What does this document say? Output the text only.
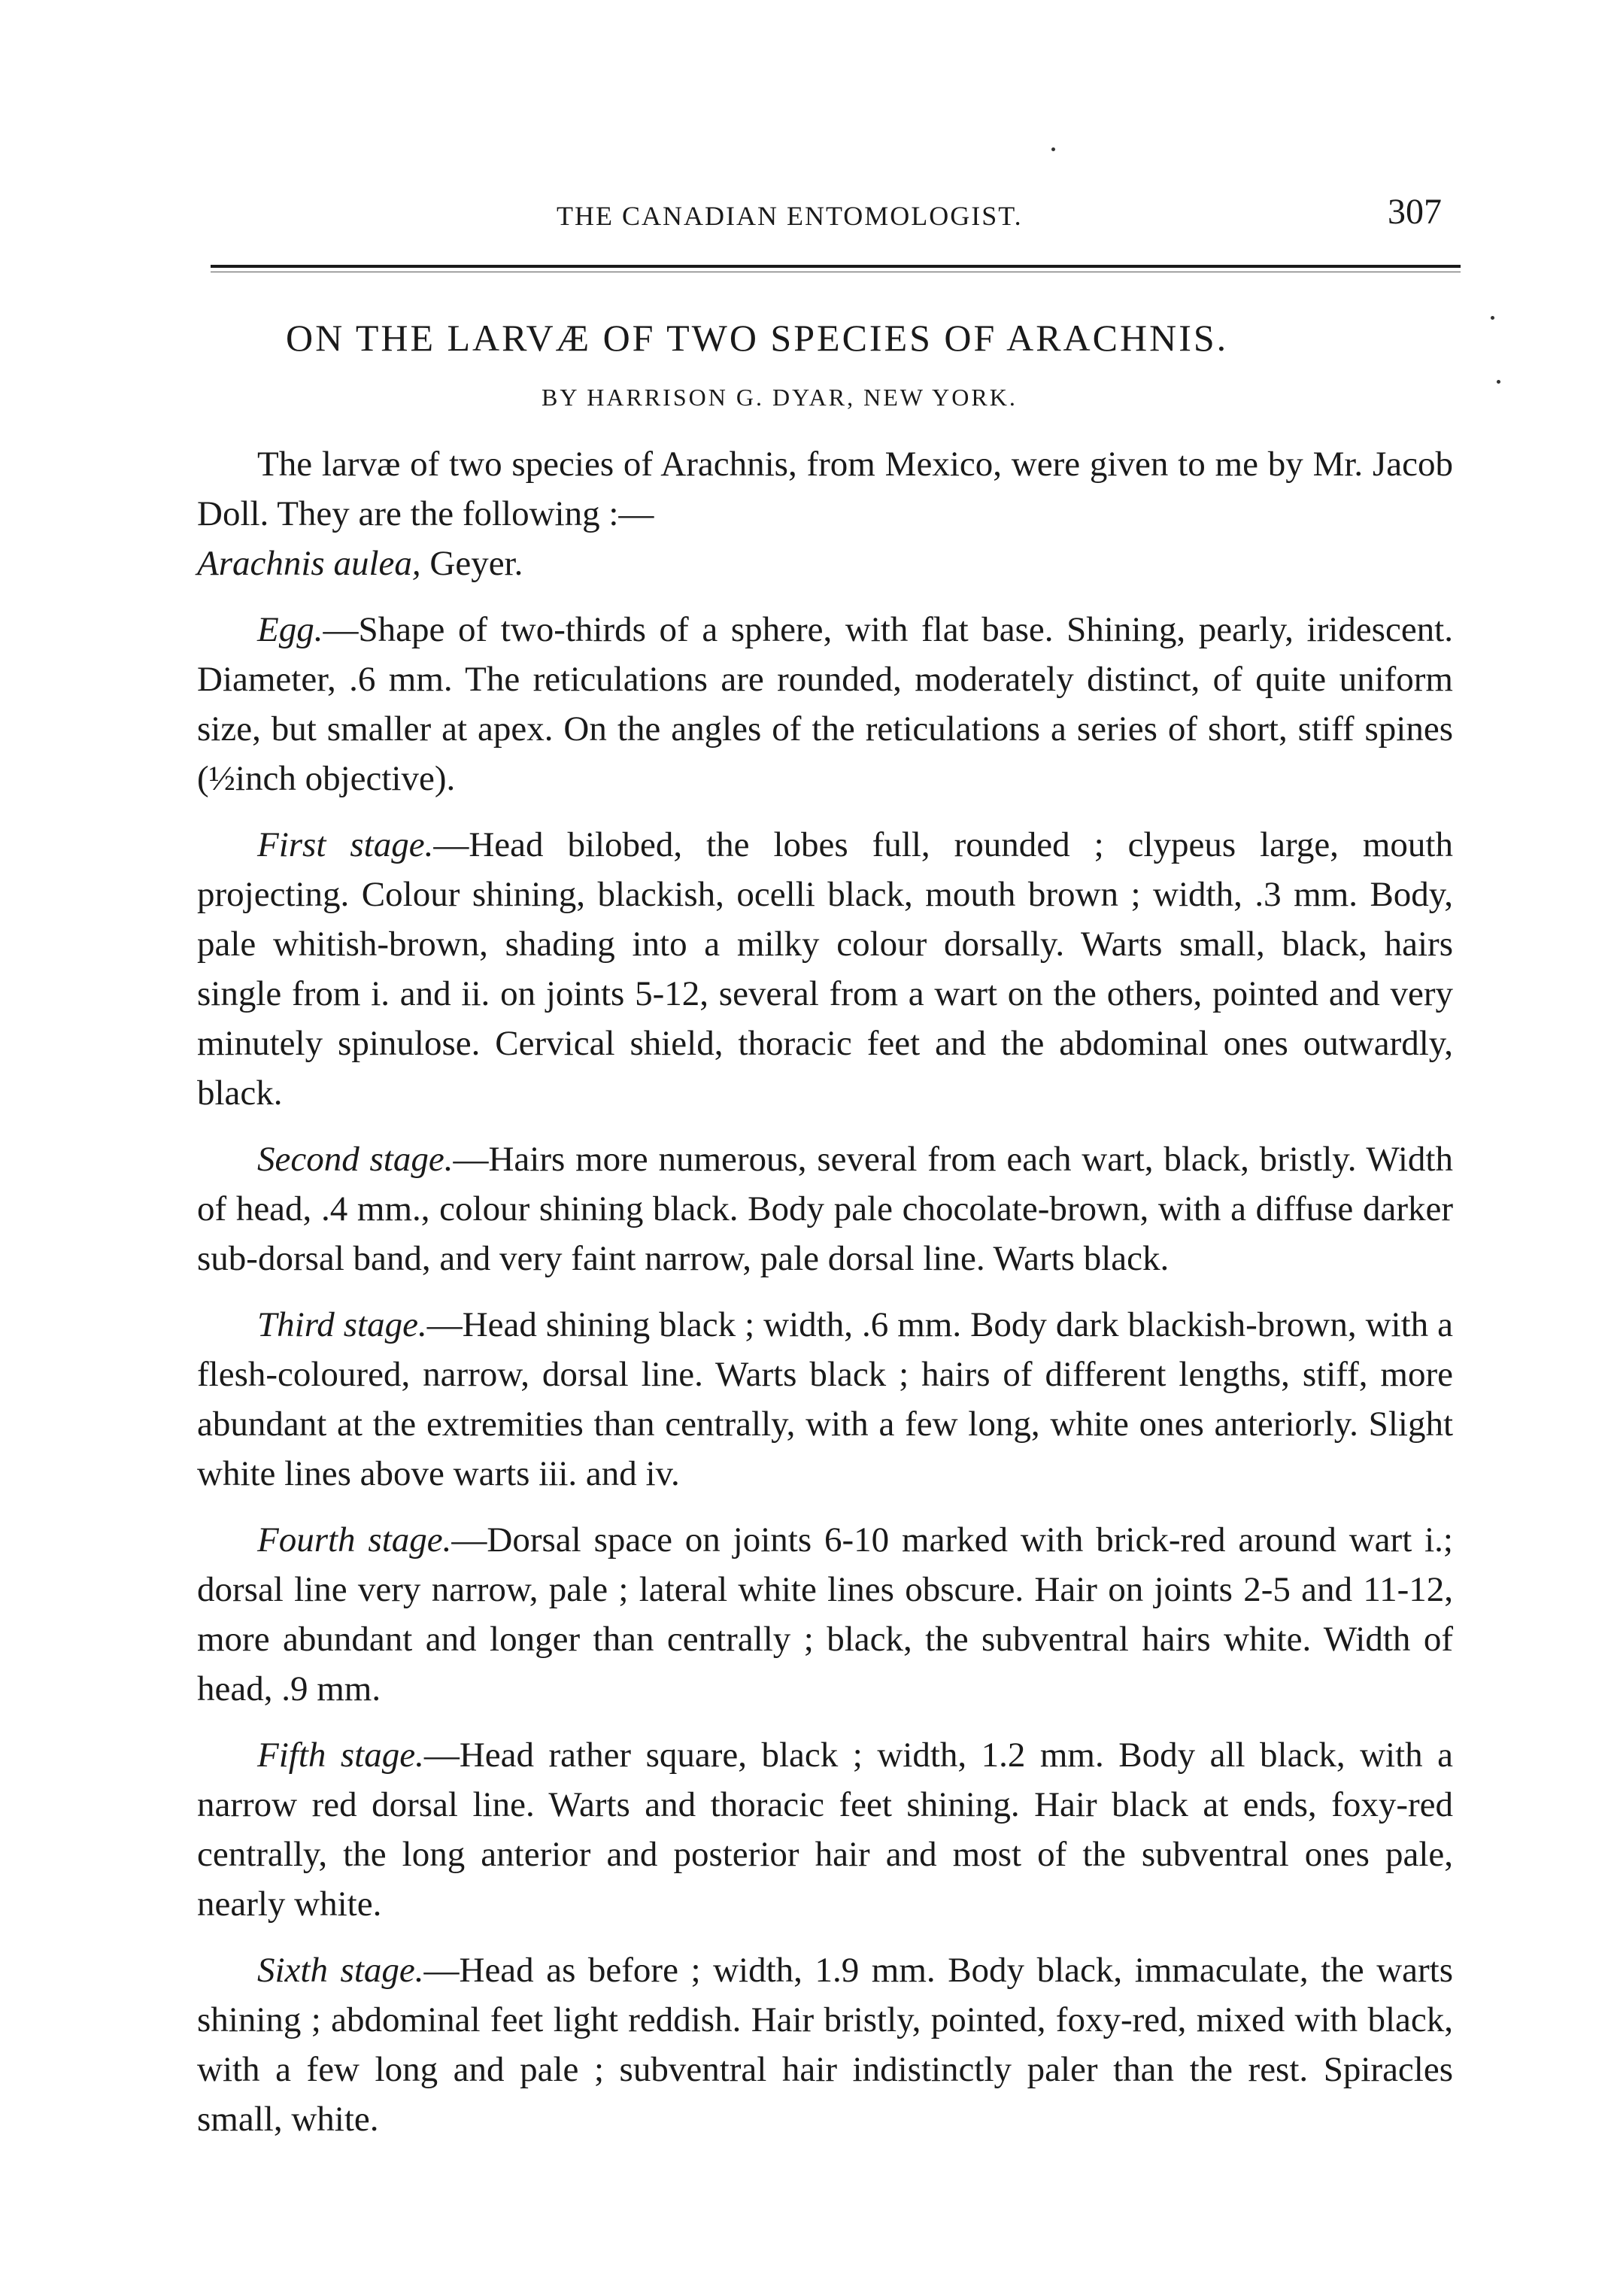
THE CANADIAN ENTOMOLOGIST.	307
ON THE LARVÆ OF TWO SPECIES OF ARACHNIS.
BY HARRISON G. DYAR, NEW YORK.

The larvæ of two species of Arachnis, from Mexico, were given to me by Mr. Jacob Doll. They are the following :—

Arachnis aulea, Geyer.

Egg.—Shape of two-thirds of a sphere, with flat base. Shining, pearly, iridescent. Diameter, .6 mm. The reticulations are rounded, moderately distinct, of quite uniform size, but smaller at apex. On the angles of the reticulations a series of short, stiff spines (½inch objective).

First stage.—Head bilobed, the lobes full, rounded ; clypeus large, mouth projecting. Colour shining, blackish, ocelli black, mouth brown ; width, .3 mm. Body, pale whitish-brown, shading into a milky colour dorsally. Warts small, black, hairs single from i. and ii. on joints 5-12, several from a wart on the others, pointed and very minutely spinulose. Cervical shield, thoracic feet and the abdominal ones outwardly, black.

Second stage.—Hairs more numerous, several from each wart, black, bristly. Width of head, .4 mm., colour shining black. Body pale chocolate-brown, with a diffuse darker sub-dorsal band, and very faint narrow, pale dorsal line. Warts black.

Third stage.—Head shining black ; width, .6 mm. Body dark blackish-brown, with a flesh-coloured, narrow, dorsal line. Warts black ; hairs of different lengths, stiff, more abundant at the extremities than centrally, with a few long, white ones anteriorly. Slight white lines above warts iii. and iv.

Fourth stage.—Dorsal space on joints 6-10 marked with brick-red around wart i.; dorsal line very narrow, pale ; lateral white lines obscure. Hair on joints 2-5 and 11-12, more abundant and longer than centrally ; black, the subventral hairs white. Width of head, .9 mm.

Fifth stage.—Head rather square, black ; width, 1.2 mm. Body all black, with a narrow red dorsal line. Warts and thoracic feet shining. Hair black at ends, foxy-red centrally, the long anterior and posterior hair and most of the subventral ones pale, nearly white.

Sixth stage.—Head as before ; width, 1.9 mm. Body black, immaculate, the warts shining ; abdominal feet light reddish. Hair bristly, pointed, foxy-red, mixed with black, with a few long and pale ; subventral hair indistinctly paler than the rest. Spiracles small, white.
